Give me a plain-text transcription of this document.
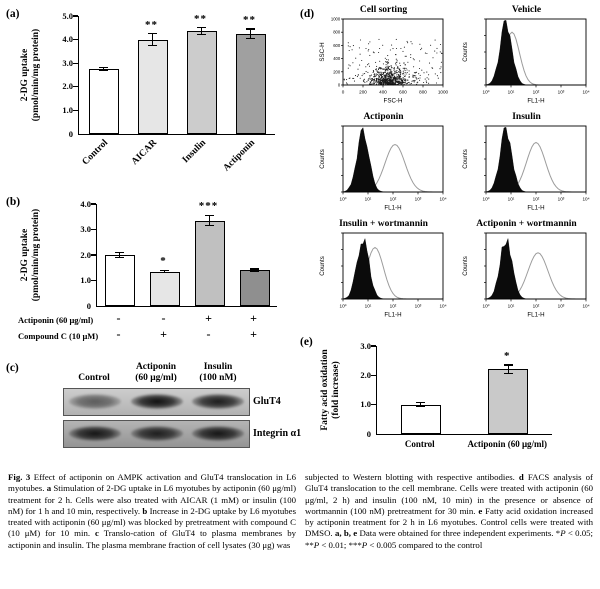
(a)
2-DG uptake (pmol/min/mg protein)
0
1.0
2.0
3.0
4.0
5.0
Control
**
AICAR
**
Insulin
**
Actiponin
(b)
2-DG uptake (pmol/min/mg protein)
0
1.0
2.0
3.0
4.0
*
***
Actiponin (60 μg/ml)	-	-	+	+
Compound C (10 μM)	-	+	-	+
(c)
Control
Actiponin
(60 μg/ml)
Insulin
(100 nM)
GluT4
Integrin α1
(d)	Cell sorting
0
200
400
600
800
1000
0	200	400	600	800 1000
FSC-H
SSC-H
Vehicle
10⁰	10¹	10²	10³	10⁴
FL1-H
Counts
Actiponin
10⁰	10¹	10²	10³	10⁴
FL1-H
Counts
Insulin
10⁰	10¹	10²	10³	10⁴
FL1-H
Counts
Insulin + wortmannin
10⁰	10¹	10²	10³	10⁴
FL1-H
Counts
Actiponin + wortmannin
10⁰	10¹	10²	10³	10⁴
FL1-H
Counts
(e)
Fatty acid oxidation (fold increase)
0
1.0
2.0
3.0
Control
*
Actiponin (60 μg/ml)
Fig. 3 Effect of actiponin on AMPK activation and GluT4 translocation in L6 myotubes. a Stimulation of 2-DG uptake in L6 myotubes by actiponin (60 μg/ml) treatment for 2 h. Cells were also treated with AICAR (1 mM) or insulin (100 nM) for 1 h and 10 min, respectively. b Increase in 2-DG uptake by L6 myotubes treated with actiponin (60 μg/ml) was blocked by pretreatment with compound C (10 μM) for 10 min. c Translo-cation of GluT4 to plasma membranes by actiponin and insulin. The plasma membrane fraction of cell lysates (30 μg) was
subjected to Western blotting with respective antibodies. d FACS analysis of GluT4 translocation to the cell membrane. Cells were treated with actiponin (60 μg/ml, 2 h) and insulin (100 nM, 10 min) in the presence or absence of wortmannin (100 nM) pretreatment for 30 min. e Fatty acid oxidation increased by actiponin treatment for 2 h in L6 myotubes. Control cells were treated with DMSO. a, b, e Data were obtained for three independent experiments. *P < 0.05; **P < 0.01; ***P < 0.005 compared to the control
